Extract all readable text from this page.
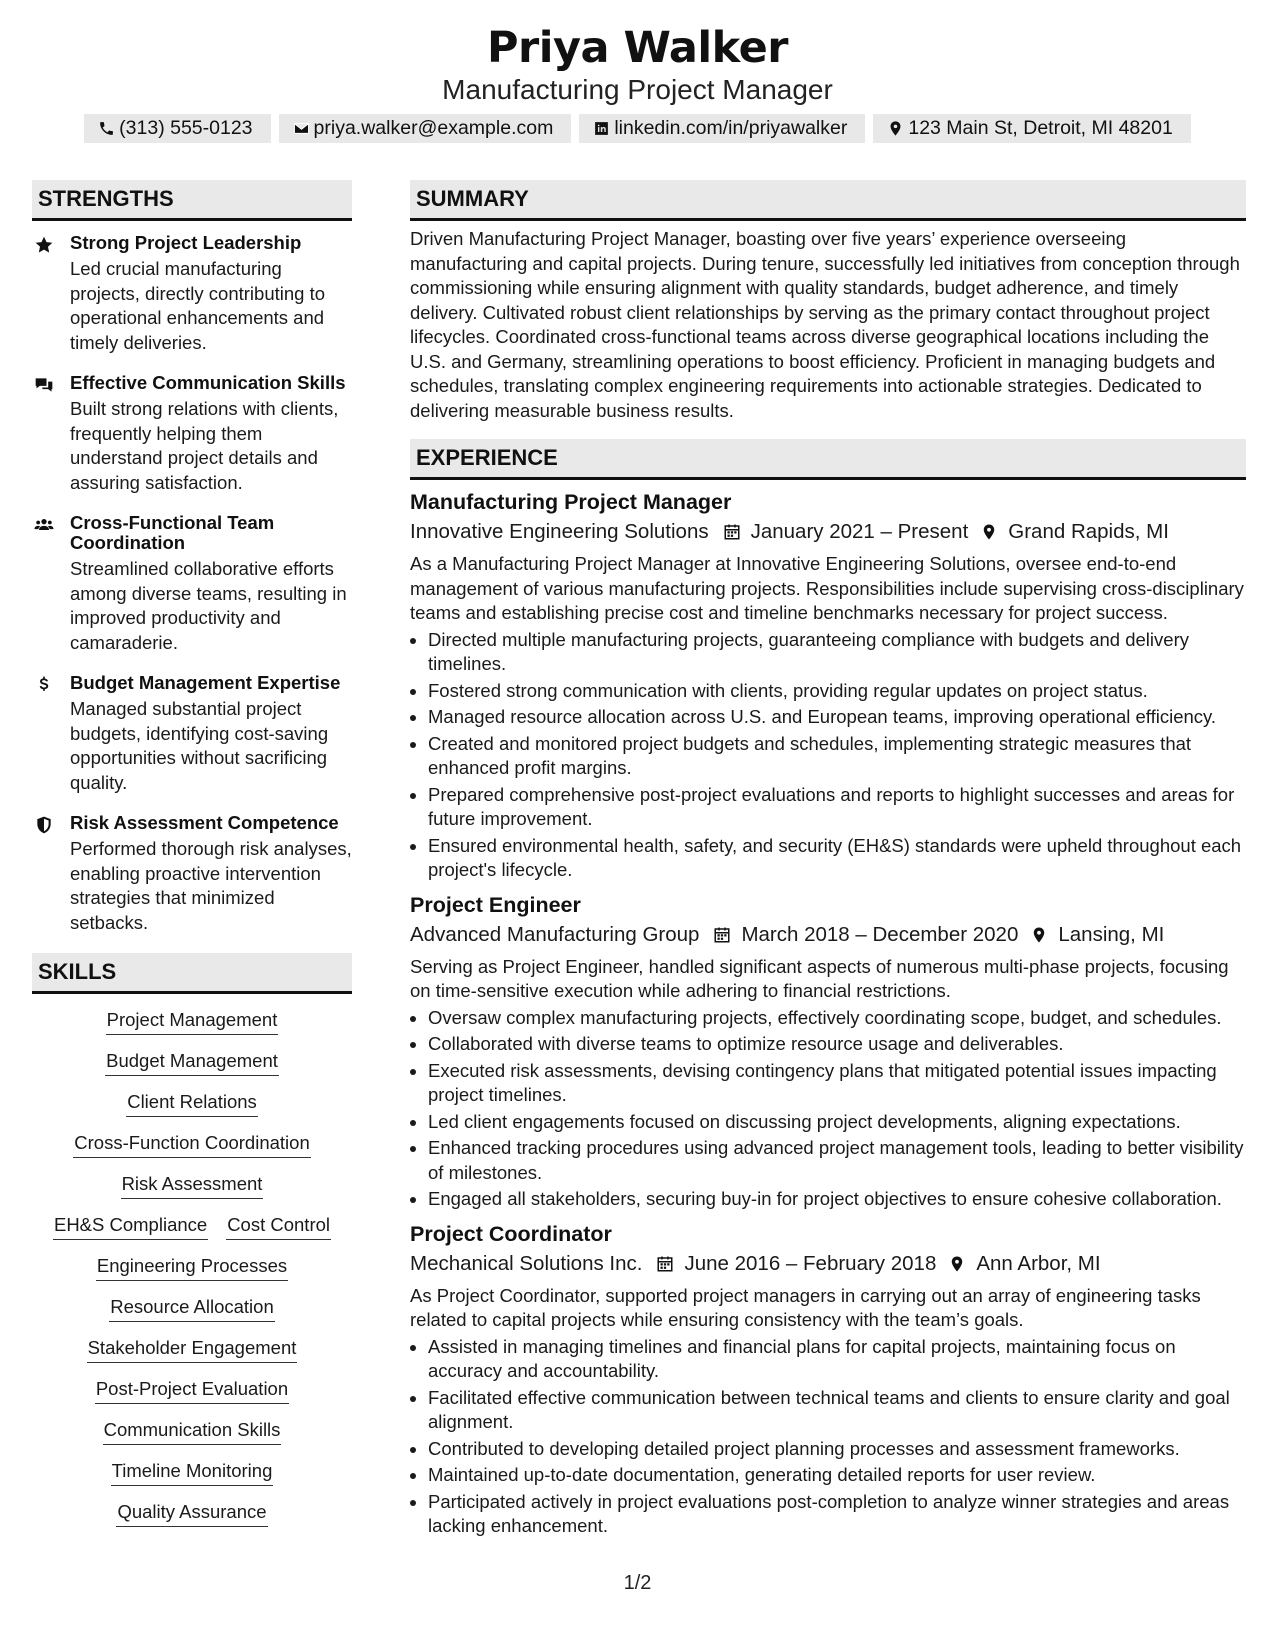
Priya Walker
Manufacturing Project Manager
(313) 555-0123	priya.walker@example.com	linkedin.com/in/priyawalker	123 Main St, Detroit, MI 48201
STRENGTHS
Strong Project Leadership
Led crucial manufacturing projects, directly contributing to operational enhancements and timely deliveries.
Effective Communication Skills
Built strong relations with clients, frequently helping them understand project details and assuring satisfaction.
Cross-Functional Team Coordination
Streamlined collaborative efforts among diverse teams, resulting in improved productivity and camaraderie.
Budget Management Expertise
Managed substantial project budgets, identifying cost-saving opportunities without sacrificing quality.
Risk Assessment Competence
Performed thorough risk analyses, enabling proactive intervention strategies that minimized setbacks.
SKILLS
Project Management
Budget Management
Client Relations
Cross-Function Coordination
Risk Assessment
EH&S Compliance Cost Control
Engineering Processes
Resource Allocation
Stakeholder Engagement
Post-Project Evaluation
Communication Skills
Timeline Monitoring
Quality Assurance
SUMMARY
Driven Manufacturing Project Manager, boasting over five years’ experience overseeing manufacturing and capital projects. During tenure, successfully led initiatives from conception through commissioning while ensuring alignment with quality standards, budget adherence, and timely delivery. Cultivated robust client relationships by serving as the primary contact throughout project lifecycles. Coordinated cross-functional teams across diverse geographical locations including the U.S. and Germany, streamlining operations to boost efficiency. Proficient in managing budgets and schedules, translating complex engineering requirements into actionable strategies. Dedicated to delivering measurable business results.
EXPERIENCE
Manufacturing Project Manager
Innovative Engineering Solutions January 2021 – Present Grand Rapids, MI
As a Manufacturing Project Manager at Innovative Engineering Solutions, oversee end-to-end management of various manufacturing projects. Responsibilities include supervising cross-disciplinary teams and establishing precise cost and timeline benchmarks necessary for project success.
• Directed multiple manufacturing projects, guaranteeing compliance with budgets and delivery timelines.
• Fostered strong communication with clients, providing regular updates on project status.
• Managed resource allocation across U.S. and European teams, improving operational efficiency.
• Created and monitored project budgets and schedules, implementing strategic measures that enhanced profit margins.
• Prepared comprehensive post-project evaluations and reports to highlight successes and areas for future improvement.
• Ensured environmental health, safety, and security (EH&S) standards were upheld throughout each project's lifecycle.
Project Engineer
Advanced Manufacturing Group March 2018 – December 2020 Lansing, MI
Serving as Project Engineer, handled significant aspects of numerous multi-phase projects, focusing on time-sensitive execution while adhering to financial restrictions.
• Oversaw complex manufacturing projects, effectively coordinating scope, budget, and schedules.
• Collaborated with diverse teams to optimize resource usage and deliverables.
• Executed risk assessments, devising contingency plans that mitigated potential issues impacting project timelines.
• Led client engagements focused on discussing project developments, aligning expectations.
• Enhanced tracking procedures using advanced project management tools, leading to better visibility of milestones.
• Engaged all stakeholders, securing buy-in for project objectives to ensure cohesive collaboration.
Project Coordinator
Mechanical Solutions Inc. June 2016 – February 2018 Ann Arbor, MI
As Project Coordinator, supported project managers in carrying out an array of engineering tasks related to capital projects while ensuring consistency with the team’s goals.
• Assisted in managing timelines and financial plans for capital projects, maintaining focus on accuracy and accountability.
• Facilitated effective communication between technical teams and clients to ensure clarity and goal alignment.
• Contributed to developing detailed project planning processes and assessment frameworks.
• Maintained up-to-date documentation, generating detailed reports for user review.
• Participated actively in project evaluations post-completion to analyze winner strategies and areas lacking enhancement.
1/2
